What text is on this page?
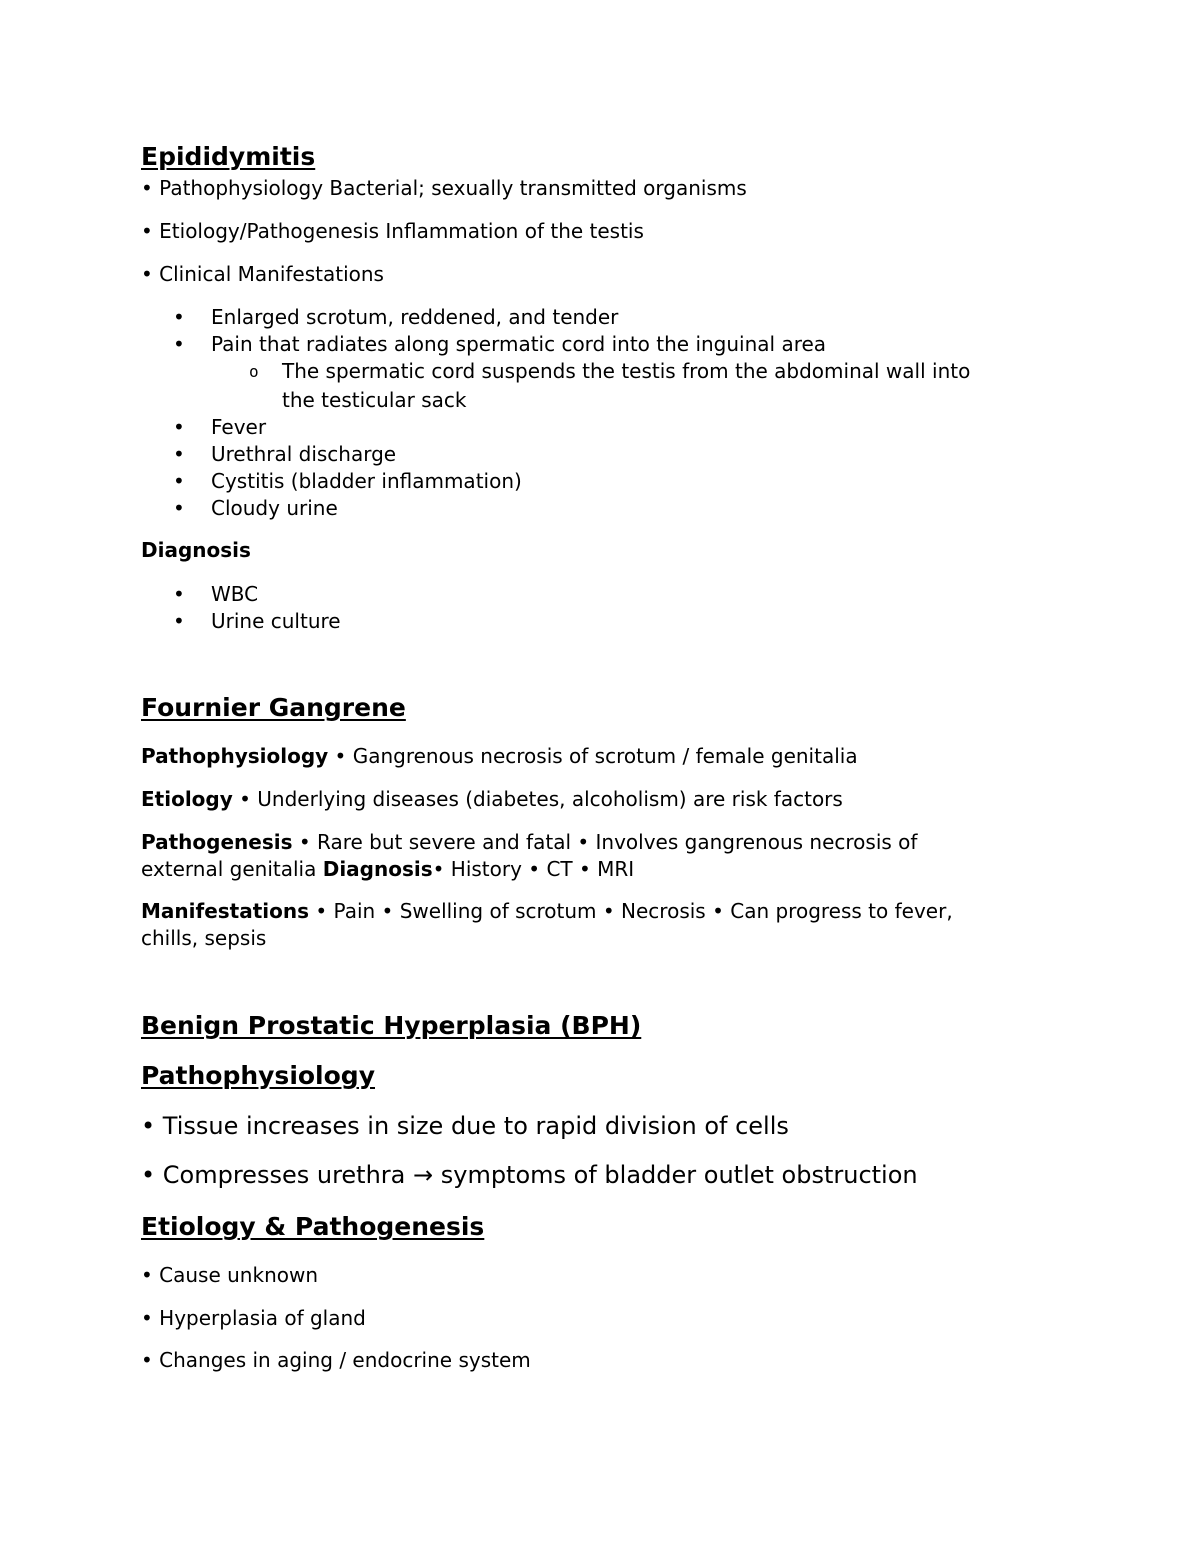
Epididymitis
• Pathophysiology Bacterial; sexually transmitted organisms
• Etiology/Pathogenesis Inflammation of the testis
• Clinical Manifestations
• Enlarged scrotum, reddened, and tender
• Pain that radiates along spermatic cord into the inguinal area
o The spermatic cord suspends the testis from the abdominal wall into
the testicular sack
• Fever
• Urethral discharge
• Cystitis (bladder inflammation)
• Cloudy urine
Diagnosis
• WBC
• Urine culture
Fournier Gangrene
Pathophysiology • Gangrenous necrosis of scrotum / female genitalia
Etiology • Underlying diseases (diabetes, alcoholism) are risk factors
Pathogenesis • Rare but severe and fatal • Involves gangrenous necrosis of
external genitalia Diagnosis• History • CT • MRI
Manifestations • Pain • Swelling of scrotum • Necrosis • Can progress to fever,
chills, sepsis
Benign Prostatic Hyperplasia (BPH)
Pathophysiology
• Tissue increases in size due to rapid division of cells
• Compresses urethra → symptoms of bladder outlet obstruction
Etiology & Pathogenesis
• Cause unknown
• Hyperplasia of gland
• Changes in aging / endocrine system
